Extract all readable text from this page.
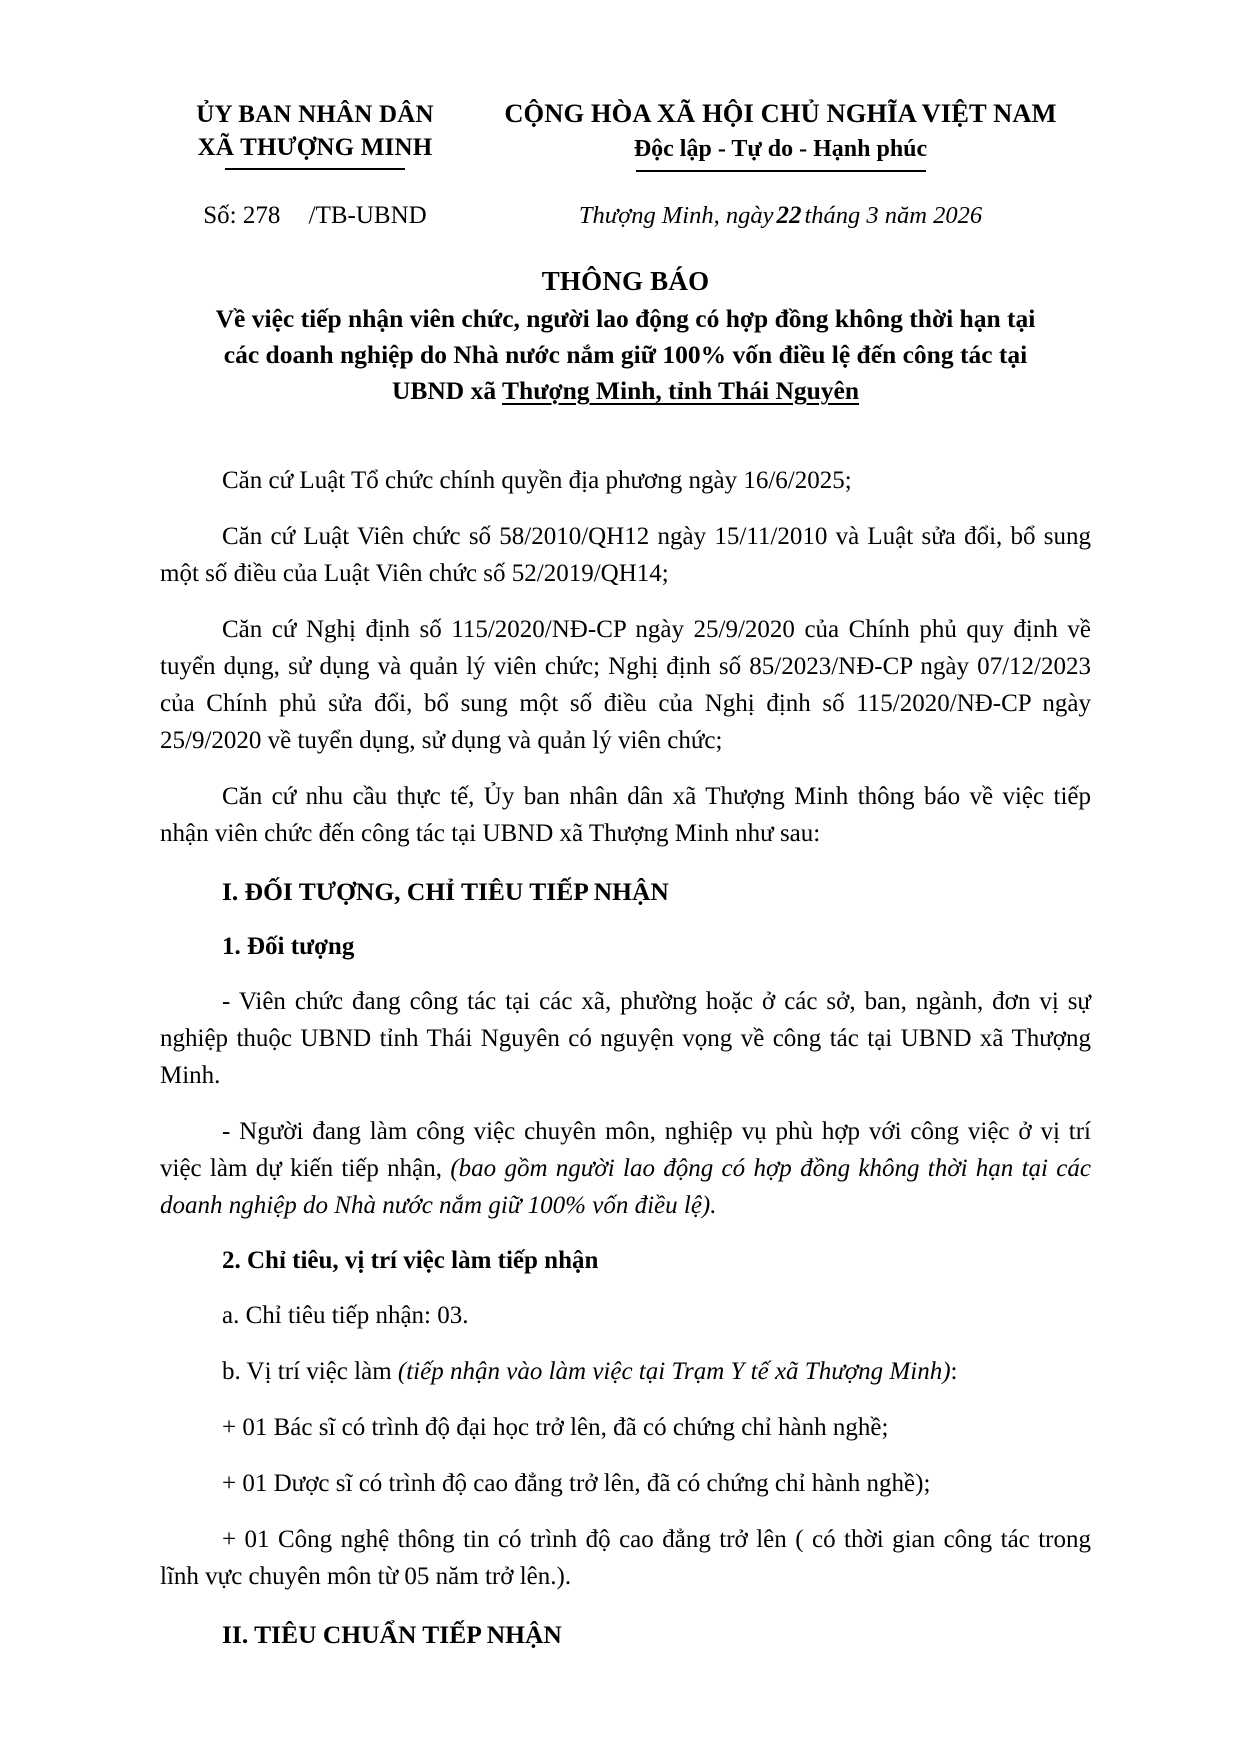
ỦY BAN NHÂN DÂN
XÃ THƯỢNG MINH
CỘNG HÒA XÃ HỘI CHỦ NGHĨA VIỆT NAM
Độc lập - Tự do - Hạnh phúc
Số: 278 /TB-UBND	Thượng Minh, ngày 22 tháng 3 năm 2026
THÔNG BÁO
Về việc tiếp nhận viên chức, người lao động có hợp đồng không thời hạn tại
các doanh nghiệp do Nhà nước nắm giữ 100% vốn điều lệ đến công tác tại
UBND xã Thượng Minh, tỉnh Thái Nguyên

Căn cứ Luật Tổ chức chính quyền địa phương ngày 16/6/2025;

Căn cứ Luật Viên chức số 58/2010/QH12 ngày 15/11/2010 và Luật sửa đổi, bổ sung một số điều của Luật Viên chức số 52/2019/QH14;

Căn cứ Nghị định số 115/2020/NĐ-CP ngày 25/9/2020 của Chính phủ quy định về tuyển dụng, sử dụng và quản lý viên chức; Nghị định số 85/2023/NĐ-CP ngày 07/12/2023 của Chính phủ sửa đổi, bổ sung một số điều của Nghị định số 115/2020/NĐ-CP ngày 25/9/2020 về tuyển dụng, sử dụng và quản lý viên chức;

Căn cứ nhu cầu thực tế, Ủy ban nhân dân xã Thượng Minh thông báo về việc tiếp nhận viên chức đến công tác tại UBND xã Thượng Minh như sau:

I. ĐỐI TƯỢNG, CHỈ TIÊU TIẾP NHẬN
1. Đối tượng

- Viên chức đang công tác tại các xã, phường hoặc ở các sở, ban, ngành, đơn vị sự nghiệp thuộc UBND tỉnh Thái Nguyên có nguyện vọng về công tác tại UBND xã Thượng Minh.

- Người đang làm công việc chuyên môn, nghiệp vụ phù hợp với công việc ở vị trí việc làm dự kiến tiếp nhận, (bao gồm người lao động có hợp đồng không thời hạn tại các doanh nghiệp do Nhà nước nắm giữ 100% vốn điều lệ).

2. Chỉ tiêu, vị trí việc làm tiếp nhận

a. Chỉ tiêu tiếp nhận: 03.

b. Vị trí việc làm (tiếp nhận vào làm việc tại Trạm Y tế xã Thượng Minh):

+ 01 Bác sĩ có trình độ đại học trở lên, đã có chứng chỉ hành nghề;

+ 01 Dược sĩ có trình độ cao đẳng trở lên, đã có chứng chỉ hành nghề);

+ 01 Công nghệ thông tin có trình độ cao đẳng trở lên ( có thời gian công tác trong lĩnh vực chuyên môn từ 05 năm trở lên.).

II. TIÊU CHUẨN TIẾP NHẬN
